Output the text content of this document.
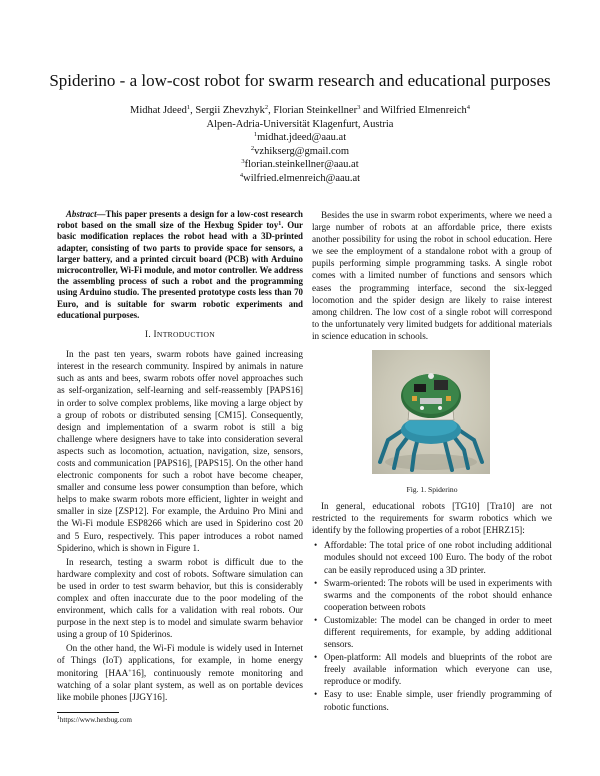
Spiderino - a low-cost robot for swarm research and educational purposes
Midhat Jdeed$^1$, Sergii Zhevzhyk$^2$, Florian Steinkellner$^3$ and Wilfried Elmenreich$^4$
Alpen-Adria-Universität Klagenfurt, Austria
$^1$midhat.jdeed@aau.at
$^2$vzhikserg@gmail.com
$^3$florian.steinkellner@aau.at
$^4$wilfried.elmenreich@aau.at

Abstract—This paper presents a design for a low-cost research robot based on the small size of the Hexbug Spider toy$^1$. Our basic modification replaces the robot head with a 3D-printed adapter, consisting of two parts to provide space for sensors, a larger battery, and a printed circuit board (PCB) with Arduino microcontroller, Wi-Fi module, and motor controller. We address the assembling process of such a robot and the programming using Arduino studio. The presented prototype costs less than 70 Euro, and is suitable for swarm robotic experiments and educational purposes.

I. INTRODUCTION

In the past ten years, swarm robots have gained increasing interest in the research community. Inspired by animals in nature such as ants and bees, swarm robots offer novel approaches such as self-organization, self-learning and self-reassembly [PAPS16] in order to solve complex problems, like moving a large object by a group of robots or distributed sensing [CM15]. Consequently, design and implementation of a swarm robot is still a big challenge where designers have to take into consideration several aspects such as locomotion, actuation, navigation, size, sensors, costs and communication [PAPS16], [PAPS15]. On the other hand electronic components for such a robot have become cheaper, smaller and consume less power consumption than before, which helps to make swarm robots more efficient, lighter in weight and smaller in size [ZSP12]. For example, the Arduino Pro Mini and the Wi-Fi module ESP8266 which are used in Spiderino cost 20 and 5 Euro, respectively. This paper introduces a robot named Spiderino, which is shown in Figure 1.

In research, testing a swarm robot is difficult due to the hardware complexity and cost of robots. Software simulation can be used in order to test swarm behavior, but this is considerably complex and often inaccurate due to the poor modeling of the environment, which calls for a validation with real robots. Our purpose in the next step is to model and simulate swarm behavior using a group of 10 Spiderinos.

On the other hand, the Wi-Fi module is widely used in Internet of Things (IoT) applications, for example, in home energy monitoring [HAA+16], continuously remote monitoring and watching of a solar plant system, as well as on portable devices like mobile phones [JJGY16].

$^1$https://www.hexbug.com

Besides the use in swarm robot experiments, where we need a large number of robots at an affordable price, there exists another possibility for using the robot in school education. Here we see the employment of a standalone robot with a group of pupils performing simple programming tasks. A single robot comes with a limited number of functions and sensors which eases the programming interface, second the six-legged locomotion and the spider design are likely to raise interest among children. The low cost of a single robot will correspond to the unfortunately very limited budgets for additional materials in science education in schools.

Fig. 1. Spiderino

In general, educational robots [TG10] [Tra10] are not restricted to the requirements for swarm robotics which we identify by the following properties of a robot [EHRZ15]:

• Affordable: The total price of one robot including additional modules should not exceed 100 Euro. The body of the robot can be easily reproduced using a 3D printer.
• Swarm-oriented: The robots will be used in experiments with swarms and the components of the robot should enhance cooperation between robots
• Customizable: The model can be changed in order to meet different requirements, for example, by adding additional sensors.
• Open-platform: All models and blueprints of the robot are freely available information which everyone can use, reproduce or modify.
• Easy to use: Enable simple, user friendly programming of robotic functions.
